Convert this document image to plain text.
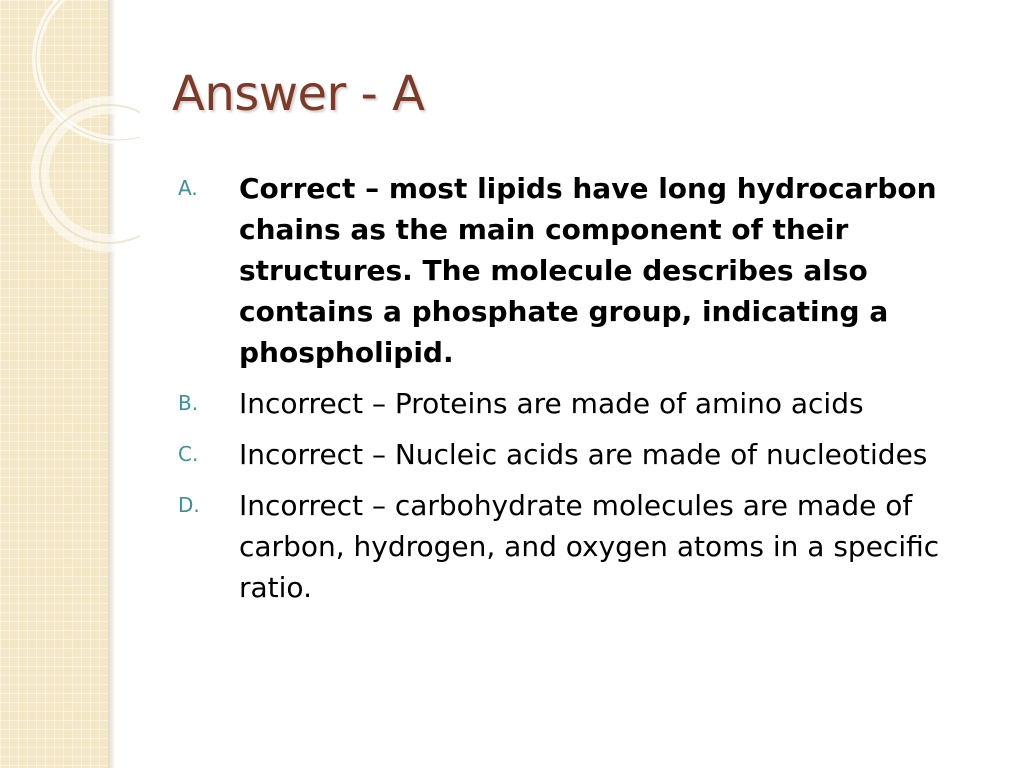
Answer - A
A.	Correct – most lipids have long hydrocarbon chains as the main component of their structures. The molecule describes also contains a phosphate group, indicating a phospholipid.
B.	Incorrect – Proteins are made of amino acids
C.	Incorrect – Nucleic acids are made of nucleotides
D.	Incorrect – carbohydrate molecules are made of carbon, hydrogen, and oxygen atoms in a specific ratio.
